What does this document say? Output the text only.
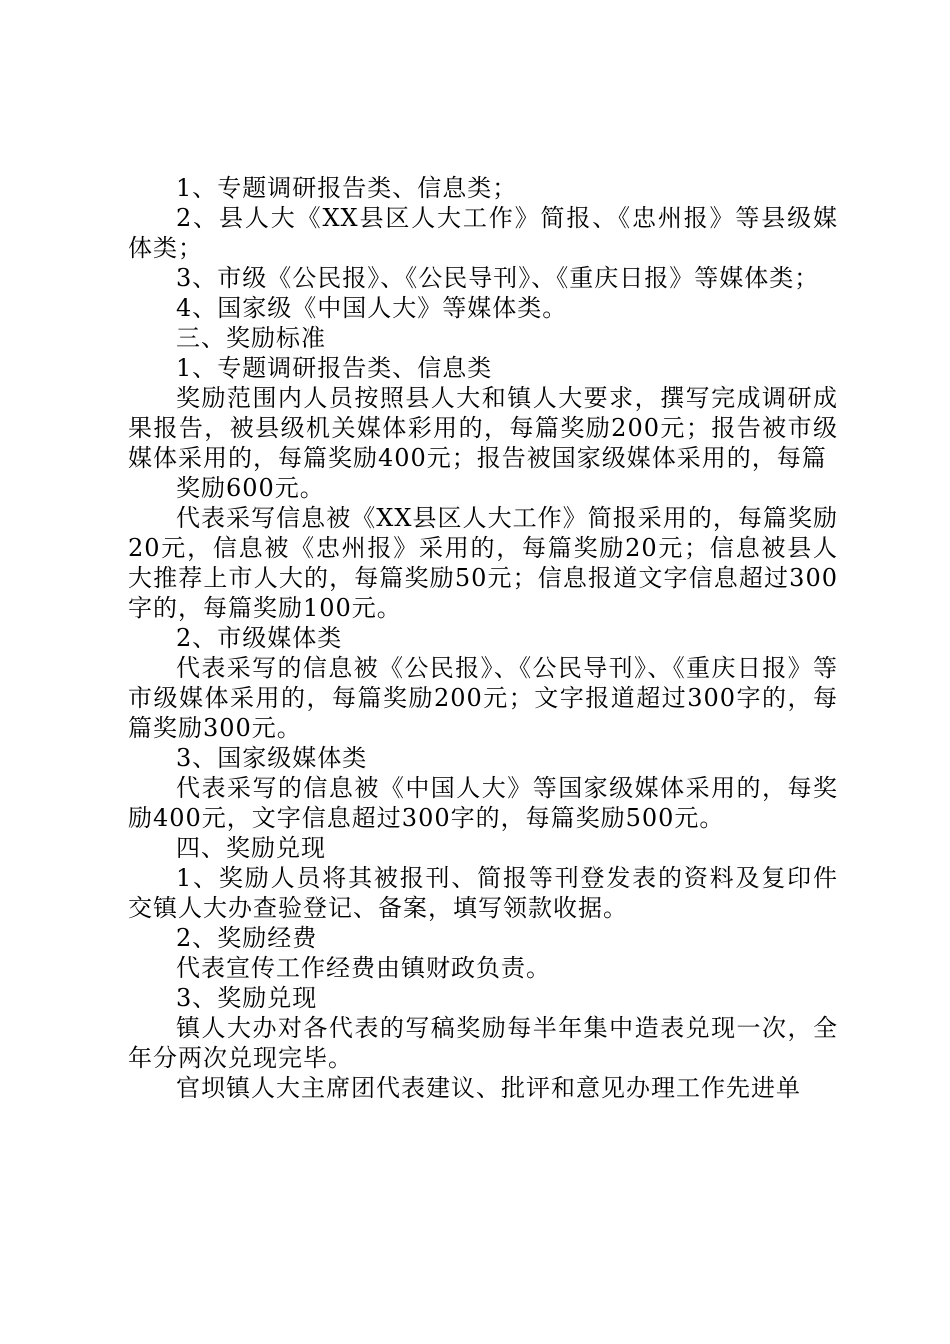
1、专题调研报告类、信息类；

2、县人大《XX县区人大工作》简报、《忠州报》等县级媒体类；

3、市级《公民报》、《公民导刊》、《重庆日报》等媒体类；

4、国家级《中国人大》等媒体类。

三、奖励标准

1、专题调研报告类、信息类

奖励范围内人员按照县人大和镇人大要求，撰写完成调研成果报告，被县级机关媒体彩用的，每篇奖励200元；报告被市级媒体采用的，每篇奖励400元；报告被国家级媒体采用的，每篇

奖励600元。

代表采写信息被《XX县区人大工作》简报采用的，每篇奖励20元，信息被《忠州报》采用的，每篇奖励20元；信息被县人大推荐上市人大的，每篇奖励50元；信息报道文字信息超过300字的，每篇奖励100元。

2、市级媒体类

代表采写的信息被《公民报》、《公民导刊》、《重庆日报》等市级媒体采用的，每篇奖励200元；文字报道超过300字的，每篇奖励300元。

3、国家级媒体类

代表采写的信息被《中国人大》等国家级媒体采用的，每奖励400元，文字信息超过300字的，每篇奖励500元。

四、奖励兑现

1、奖励人员将其被报刊、简报等刊登发表的资料及复印件交镇人大办查验登记、备案，填写领款收据。

2、奖励经费

代表宣传工作经费由镇财政负责。

3、奖励兑现

镇人大办对各代表的写稿奖励每半年集中造表兑现一次，全年分两次兑现完毕。

官坝镇人大主席团代表建议、批评和意见办理工作先进单
